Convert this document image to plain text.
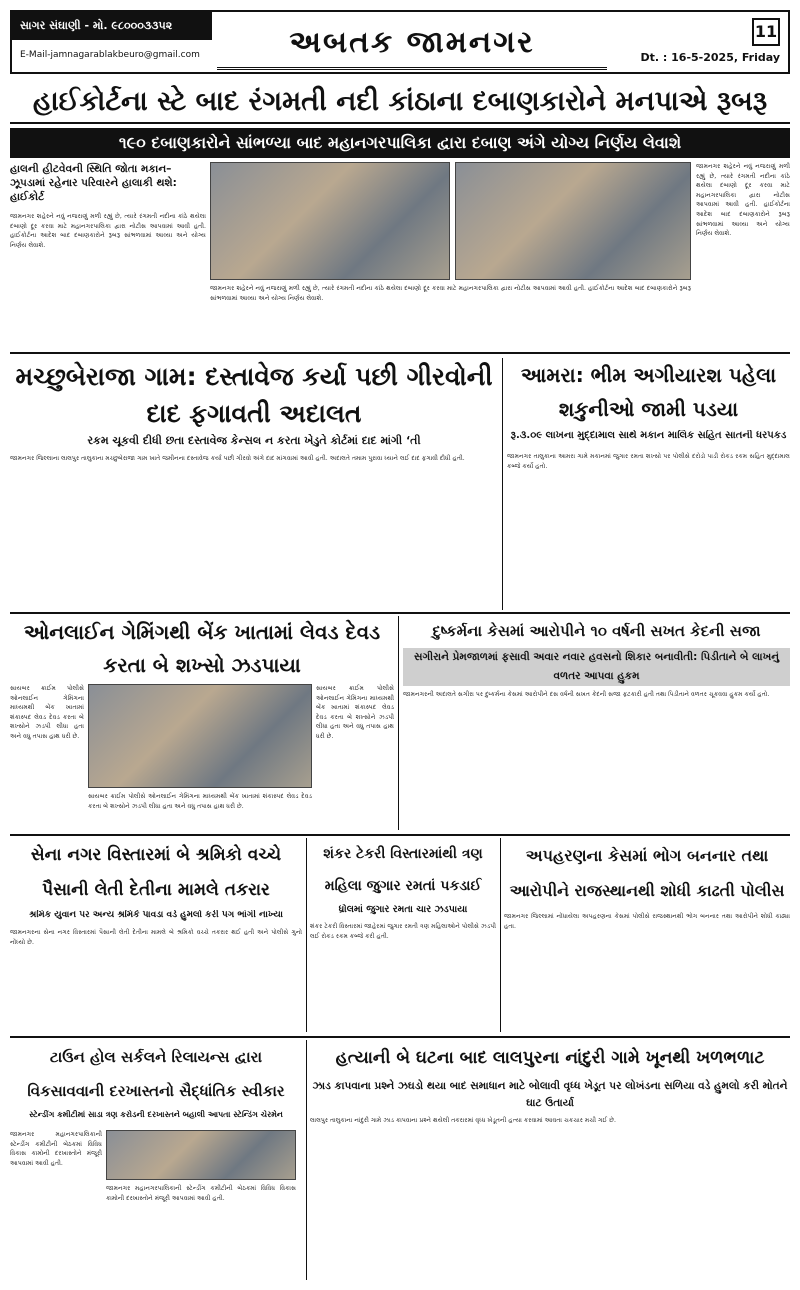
સાગર સંઘાણી - મો. ૯૮૦૦૦૩૩૫૨
E-Mail-jamnagarablakbeuro@gmail.com	અબતક જામનગર	11
Dt. : 16-5-2025, Friday
હાઈકોર્ટના સ્ટે બાદ રંગમતી નદી કાંઠાના દબાણકારોને મનપાએ રૂબરૂ
૧૯૦ દબાણકારોને સાંભળ્યા બાદ મહાનગરપાલિકા દ્વારા દબાણ અંગે યોગ્ય નિર્ણય લેવાશે
હાલની હીટવેવની સ્થિતિ જોતા મકાન–ઝૂપડામાં રહેનાર પરિવારને હાલાકી થશે: હાઈકોર્ટ
જામનગર શહેરને નવું નજરાણું મળી રહ્યું છે, ત્યારે રંગમતી નદીના કાંઠે થયેલા દબાણો દૂર કરવા માટે મહાનગરપાલિકા દ્વારા નોટીસ આપવામાં આવી હતી. હાઈકોર્ટના આદેશ બાદ દબાણકારોને રૂબરૂ સાંભળવામાં આવ્યા અને યોગ્ય નિર્ણય લેવાશે.
જામનગર શહેરને નવું નજરાણું મળી રહ્યું છે, ત્યારે રંગમતી નદીના કાંઠે થયેલા દબાણો દૂર કરવા માટે મહાનગરપાલિકા દ્વારા નોટીસ આપવામાં આવી હતી. હાઈકોર્ટના આદેશ બાદ દબાણકારોને રૂબરૂ સાંભળવામાં આવ્યા અને યોગ્ય નિર્ણય લેવાશે.
જામનગર શહેરને નવું નજરાણું મળી રહ્યું છે, ત્યારે રંગમતી નદીના કાંઠે થયેલા દબાણો દૂર કરવા માટે મહાનગરપાલિકા દ્વારા નોટીસ આપવામાં આવી હતી. હાઈકોર્ટના આદેશ બાદ દબાણકારોને રૂબરૂ સાંભળવામાં આવ્યા અને યોગ્ય નિર્ણય લેવાશે.
મચ્છુબેરાજા ગામ: દસ્તાવેજ કર્યા પછી ગીરવોની દાદ ફગાવતી અદાલત
રકમ ચૂકવી દીધી છતા દસ્તાવેજ કેન્સલ ન કરતા ખેડુતે કોર્ટમાં દાદ માંગી ‘તી
જામનગર જિલ્લાના લાલપુર તાલુકાના મચ્છુબેરાજા ગામ ખાતે જમીનના દસ્તાવેજ કર્યા પછી ગીરવો અંગે દાદ માંગવામાં આવી હતી. અદાલતે તમામ પુરાવા ધ્યાને લઈ દાદ ફગાવી દીધી હતી.
આમરા: ભીમ અગીયારશ પહેલા શકુનીઓ જામી પડયા
રૂ.૩.૦૯ લાખના મુદ્દામાલ સાથે મકાન માલિક સહિત સાતની ધરપકડ
જામનગર તાલુકાના આમરા ગામે મકાનમાં જુગાર રમતા શખ્સો પર પોલીસે દરોડો પાડી રોકડ રકમ સહિત મુદ્દામાલ કબ્જે કર્યો હતો.
ઓનલાઈન ગેમિંગથી બેંક ખાતામાં લેવડ દેવડ કરતા બે શખ્સો ઝડપાયા
સાયબર ક્રાઈમ પોલીસે ઓનલાઈન ગેમિંગના માધ્યમથી બેંક ખાતામાં શંકાસ્પદ લેવડ દેવડ કરતા બે શખ્સોને ઝડપી લીધા હતા અને વધુ તપાસ હાથ ધરી છે.
સાયબર ક્રાઈમ પોલીસે ઓનલાઈન ગેમિંગના માધ્યમથી બેંક ખાતામાં શંકાસ્પદ લેવડ દેવડ કરતા બે શખ્સોને ઝડપી લીધા હતા અને વધુ તપાસ હાથ ધરી છે.
સાયબર ક્રાઈમ પોલીસે ઓનલાઈન ગેમિંગના માધ્યમથી બેંક ખાતામાં શંકાસ્પદ લેવડ દેવડ કરતા બે શખ્સોને ઝડપી લીધા હતા અને વધુ તપાસ હાથ ધરી છે.
દુષ્કર્મના કેસમાં આરોપીને ૧૦ વર્ષની સખત કેદની સજા
સગીરાને પ્રેમજાળમાં ફસાવી અવાર નવાર હવસનો શિકાર બનાવીતી: પિડીતાને બે લાખનું વળતર આપવા હુકમ
જામનગરની અદાલતે સગીરા પર દુષ્કર્મના કેસમાં આરોપીને દસ વર્ષની સખત કેદની સજા ફટકારી હતી તથા પિડીતાને વળતર ચૂકવવા હુકમ કર્યો હતો.
સેના નગર વિસ્તારમાં બે શ્રમિકો વચ્ચે પૈસાની લેતી દેતીના મામલે તકરાર
શ્રમિક યુવાન પર અન્ય શ્રમિકે પાવડા વડે હુમલો કરી પગ ભાંગી નાખ્યા
જામનગરના સેના નગર વિસ્તારમાં પૈસાની લેતી દેતીના મામલે બે શ્રમિકો વચ્ચે તકરાર થઈ હતી અને પોલીસે ગુનો નોંધ્યો છે.
શંકર ટેકરી વિસ્તારમાંથી ત્રણ મહિલા જુગાર રમતાં પકડાઈ
ધ્રોલમાં જુગાર રમતા ચાર ઝડપાયા
શંકર ટેકરી વિસ્તારમાં જાહેરમાં જુગાર રમતી ત્રણ મહિલાઓને પોલીસે ઝડપી લઈ રોકડ રકમ કબ્જે કરી હતી.
અપહરણના કેસમાં ભોગ બનનાર તથા આરોપીને રાજસ્થાનથી શોધી કાઢતી પોલીસ
જામનગર જિલ્લામાં નોંધાયેલા અપહરણના કેસમાં પોલીસે રાજસ્થાનથી ભોગ બનનાર તથા આરોપીને શોધી કાઢ્યા હતા.
ટાઉન હોલ સર્કલને રિલાયન્સ દ્વારા વિકસાવવાની દરખાસ્તનો સૈદ્ધાંતિક સ્વીકાર
સ્ટેન્ડીંગ કમીટીમાં સાડા ત્રણ કરોડની દરખાસ્તને બહાલી આપતા સ્ટેન્ડિંગ ચેરમેન
જામનગર મહાનગરપાલિકાની સ્ટેન્ડીંગ કમીટીની બેઠકમાં વિવિધ વિકાસ કામોની દરખાસ્તોને મંજૂરી આપવામાં આવી હતી.
જામનગર મહાનગરપાલિકાની સ્ટેન્ડીંગ કમીટીની બેઠકમાં વિવિધ વિકાસ કામોની દરખાસ્તોને મંજૂરી આપવામાં આવી હતી.
હત્યાની બે ઘટના બાદ લાલપુરના નાંદુરી ગામે ખૂનથી ખળભળાટ
ઝાડ કાપવાના પ્રશ્ને ઝઘડો થયા બાદ સમાધાન માટે બોલાવી વૃધ્ધ ખેડૂત પર લોખંડના સળિયા વડે હુમલો કરી મોતને ઘાટ ઉતાર્યા
લાલપુર તાલુકાના નાંદુરી ગામે ઝાડ કાપવાના પ્રશ્ને થયેલી તકરારમાં વૃધ્ધ ખેડૂતની હત્યા કરવામાં આવતા ચકચાર મચી ગઈ છે.
